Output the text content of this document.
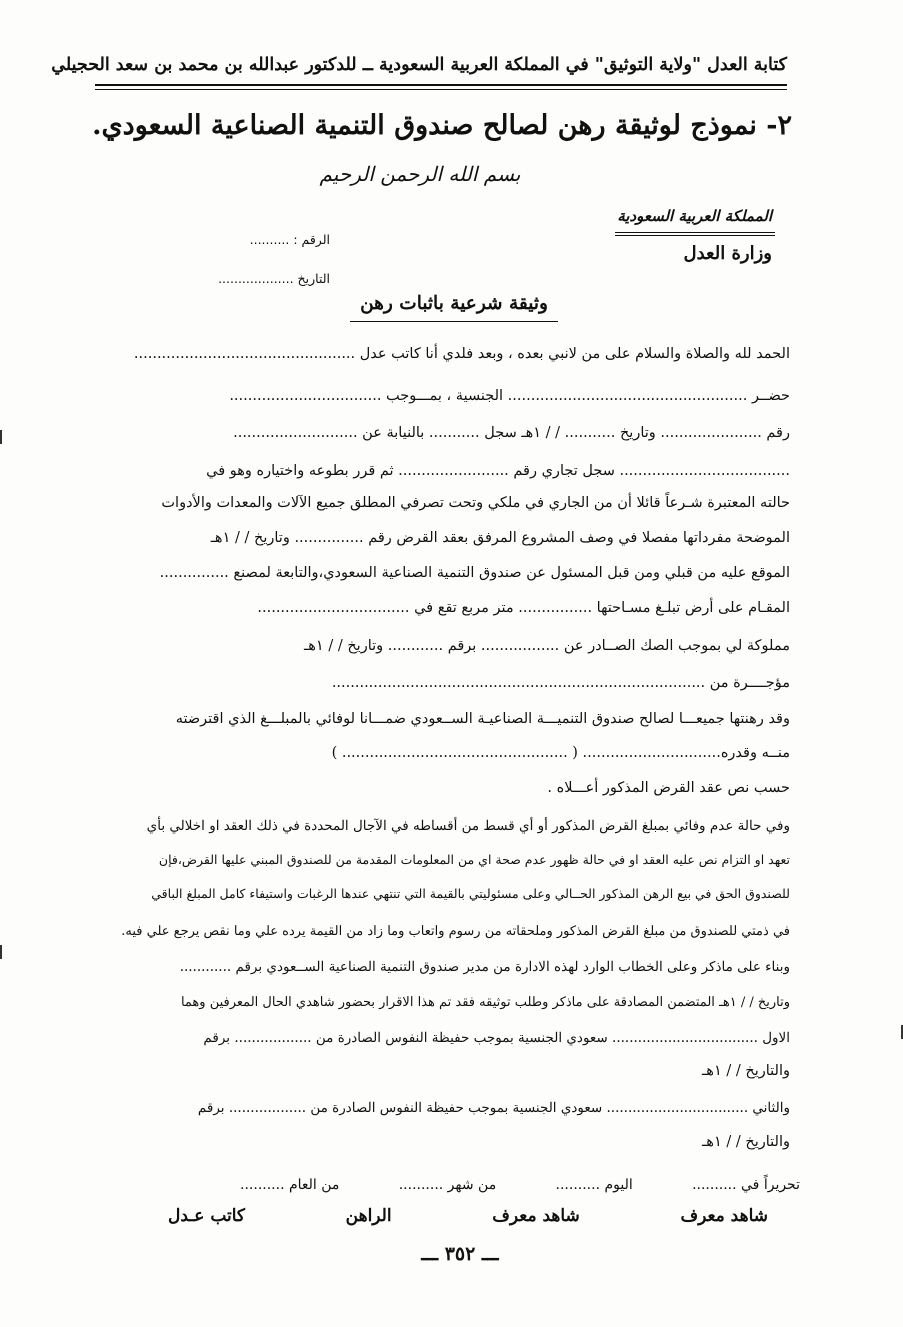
كتابة العدل "ولاية التوثيق" في المملكة العربية السعودية ــ للدكتور عبدالله بن محمد بن سعد الحجيلي
٢- نموذج لوثيقة رهن لصالح صندوق التنمية الصناعية السعودي.
بسم الله الرحمن الرحيم
المملكة العربية السعودية
وزارة العدل
الرقم : ..........
التاريخ ...................
وثيقة شرعية باثبات رهن
الحمد لله والصلاة والسلام على من لانبي بعده ، وبعد فلدي أنا كاتب عدل ................................................
حضــر .................................................... الجنسية ، بمـــوجب .................................
رقم ...................... وتاريخ ........... / / ١هـ سجل ........... بالنيابة عن ...........................
..................................... سجل تجاري رقم ........................ ثم قرر بطوعه واختياره وهو في
حالته المعتبرة شـرعاً قائلا أن من الجاري في ملكي وتحت تصرفي المطلق جميع الآلات والمعدات والأدوات
الموضحة مفرداتها مفصلا في وصف المشروع المرفق بعقد القرض رقم ............... وتاريخ / / ١هـ
الموقع عليه من قبلي ومن قبل المسئول عن صندوق التنمية الصناعية السعودي،والتابعة لمصنع ...............
المقـام على أرض تبلـغ مسـاحتها ................ متر مربع تقع في .................................
مملوكة لي بموجب الصك الصــادر عن ................. برقم ............ وتاريخ / / ١هـ
مؤجــــرة من .................................................................................
وقد رهنتها جميعـــا لصالح صندوق التنميـــة الصناعيـة الســعودي ضمـــانا لوفائي بالمبلـــغ الذي اقترضته
منــه وقدره.............................. ( ................................................. )
حسب نص عقد القرض المذكور أعـــلاه .
وفي حالة عدم وفائي بمبلغ القرض المذكور أو أي قسط من أقساطه في الآجال المحددة في ذلك العقد او اخلالي بأي
تعهد او التزام نص عليه العقد او في حالة ظهور عدم صحة اي من المعلومات المقدمة من للصندوق المبني عليها القرض،فإن
للصندوق الحق في بيع الرهن المذكور الحــالي وعلى مسئوليتي بالقيمة التي تنتهي عندها الرغبات واستيفاء كامل المبلغ الباقي
في ذمتي للصندوق من مبلغ القرض المذكور وملحقاته من رسوم واتعاب وما زاد من القيمة يرده علي وما نقص يرجع علي فيه.
وبناء على ماذكر وعلى الخطاب الوارد لهذه الادارة من مدير صندوق التنمية الصناعية الســعودي برقم ............
وتاريخ / / ١هـ المتضمن المصادقة على ماذكر وطلب توثيقه فقد تم هذا الاقرار بحضور شاهدي الحال المعرفين وهما
الاول .................................. سعودي الجنسية بموجب حفيظة النفوس الصادرة من .................. برقم
والتاريخ / / ١هـ
والثاني ................................. سعودي الجنسية بموجب حفيظة النفوس الصادرة من .................. برقم
والتاريخ / / ١هـ
تحريراً في ..........
اليوم ..........
من شهر ..........
من العام ..........
شاهد معرف
شاهد معرف
الراهن
كاتب عـدل
ـــ ٣٥٢ ـــ
